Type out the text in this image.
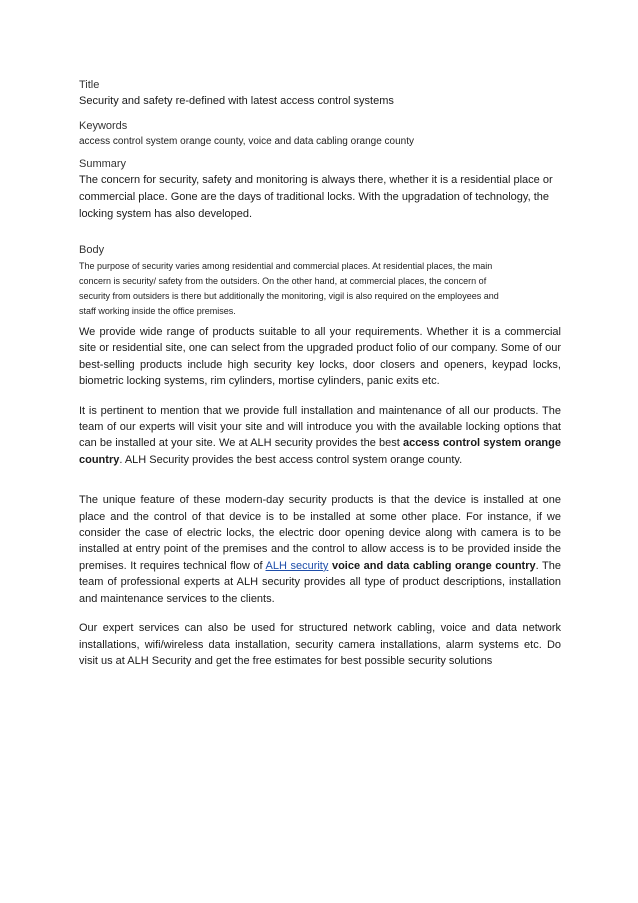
Title
Security and safety re-defined with latest access control systems
Keywords
access control system orange county, voice and data cabling orange county
Summary
The concern for security, safety and monitoring is always there, whether it is a residential place or
commercial place. Gone are the days of traditional locks. With the upgradation of technology, the
locking system has also developed.
Body
The purpose of security varies among residential and commercial places. At residential places, the main
concern is security/ safety from the outsiders. On the other hand, at commercial places, the concern of
security from outsiders is there but additionally the monitoring, vigil is also required on the employees and
staff working inside the office premises.

We provide wide range of products suitable to all your requirements. Whether it is a commercial site or residential site, one can select from the upgraded product folio of our company. Some of our best-selling products include high security key locks, door closers and openers, keypad locks, biometric locking systems, rim cylinders, mortise cylinders, panic exits etc.

It is pertinent to mention that we provide full installation and maintenance of all our products. The team of our experts will visit your site and will introduce you with the available locking options that can be installed at your site. We at ALH security provides the best access control system orange country. ALH Security provides the best access control system orange county.

The unique feature of these modern-day security products is that the device is installed at one place and the control of that device is to be installed at some other place. For instance, if we consider the case of electric locks, the electric door opening device along with camera is to be installed at entry point of the premises and the control to allow access is to be provided inside the premises. It requires technical flow of ALH security voice and data cabling orange country. The team of professional experts at ALH security provides all type of product descriptions, installation and maintenance services to the clients.

Our expert services can also be used for structured network cabling, voice and data network installations, wifi/wireless data installation, security camera installations, alarm systems etc. Do visit us at ALH Security and get the free estimates for best possible security solutions
